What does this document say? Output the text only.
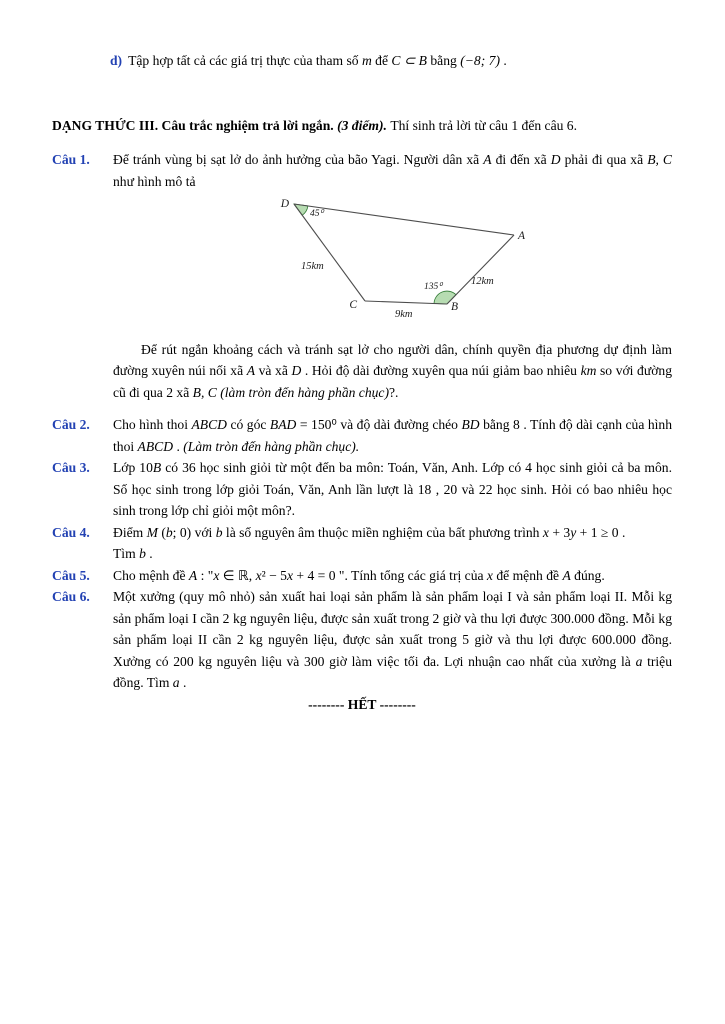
d) Tập hợp tất cả các giá trị thực của tham số m để C ⊂ B bằng (−8; 7) .
DẠNG THỨC III. Câu trắc nghiệm trả lời ngắn. (3 điểm). Thí sinh trả lời từ câu 1 đến câu 6.
Câu 1.	Để tránh vùng bị sạt lở do ảnh hưởng của bão Yagi. Người dân xã A đi đến xã D phải đi qua xã B, C như hình mô tả
D
45⁰
A
15km
135⁰	12km
C
9km
B
Để rút ngắn khoảng cách và tránh sạt lở cho người dân, chính quyền địa phương dự định làm đường xuyên núi nối xã A và xã D . Hỏi độ dài đường xuyên qua núi giảm bao nhiêu km so với đường cũ đi qua 2 xã B, C (làm tròn đến hàng phần chục)?.
Câu 2.	Cho hình thoi ABCD có góc BAD = 150⁰ và độ dài đường chéo BD bằng 8 . Tính độ dài cạnh của hình thoi ABCD . (Làm tròn đến hàng phần chục).
Câu 3.	Lớp 10B có 36 học sinh giỏi từ một đến ba môn: Toán, Văn, Anh. Lớp có 4 học sinh giỏi cả ba môn. Số học sinh trong lớp giỏi Toán, Văn, Anh lần lượt là 18 , 20 và 22 học sinh. Hỏi có bao nhiêu học sinh trong lớp chỉ giỏi một môn?.
Câu 4.	Điểm M (b; 0) với b là số nguyên âm thuộc miền nghiệm của bất phương trình x + 3y + 1 ≥ 0 .
Tìm b .
Câu 5.	Cho mệnh đề A : "x ∈ ℝ, x² − 5x + 4 = 0 ". Tính tổng các giá trị của x để mệnh đề A đúng.
Câu 6.	Một xưởng (quy mô nhỏ) sản xuất hai loại sản phẩm là sản phẩm loại I và sản phẩm loại II. Mỗi kg sản phẩm loại I cần 2 kg nguyên liệu, được sản xuất trong 2 giờ và thu lợi được 300.000 đồng. Mỗi kg sản phẩm loại II cần 2 kg nguyên liệu, được sản xuất trong 5 giờ và thu lợi được 600.000 đồng. Xưởng có 200 kg nguyên liệu và 300 giờ làm việc tối đa. Lợi nhuận cao nhất của xưởng là a triệu đồng. Tìm a .
-------- HẾT --------
